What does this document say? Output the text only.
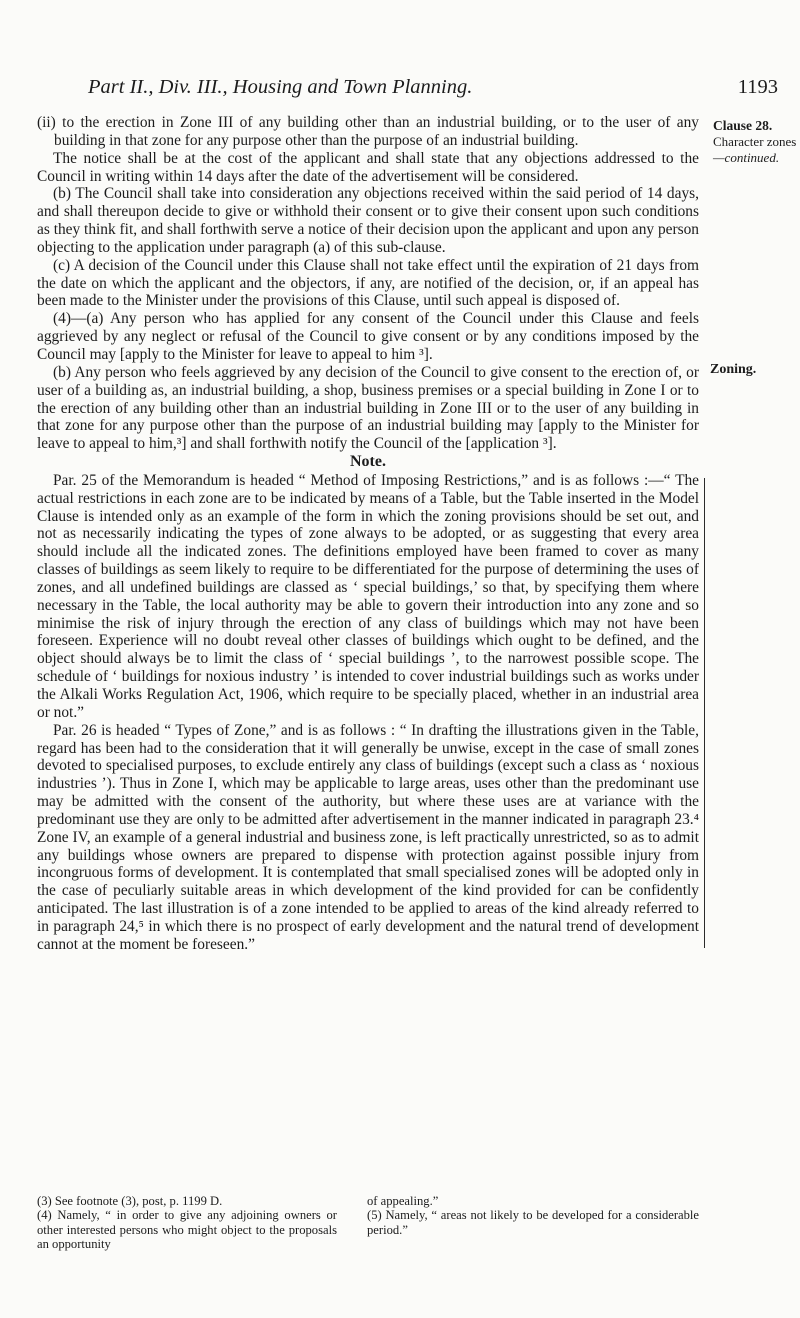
Part II., Div. III., Housing and Town Planning.	1193
Clause 28.
Character zones
—continued.
Zoning.

(ii) to the erection in Zone III of any building other than an industrial building, or to the user of any building in that zone for any purpose other than the purpose of an industrial building.

The notice shall be at the cost of the applicant and shall state that any objections addressed to the Council in writing within 14 days after the date of the advertisement will be considered.

(b) The Council shall take into consideration any objections received within the said period of 14 days, and shall thereupon decide to give or withhold their consent or to give their consent upon such conditions as they think fit, and shall forthwith serve a notice of their decision upon the applicant and upon any person objecting to the application under paragraph (a) of this sub-clause.

(c) A decision of the Council under this Clause shall not take effect until the expiration of 21 days from the date on which the applicant and the objectors, if any, are notified of the decision, or, if an appeal has been made to the Minister under the provisions of this Clause, until such appeal is disposed of.

(4)—(a) Any person who has applied for any consent of the Council under this Clause and feels aggrieved by any neglect or refusal of the Council to give consent or by any conditions imposed by the Council may [apply to the Minister for leave to appeal to him ³].

(b) Any person who feels aggrieved by any decision of the Council to give consent to the erection of, or user of a building as, an industrial building, a shop, business premises or a special building in Zone I or to the erection of any building other than an industrial building in Zone III or to the user of any building in that zone for any purpose other than the purpose of an industrial building may [apply to the Minister for leave to appeal to him,³] and shall forthwith notify the Council of the [application ³].

Note.

Par. 25 of the Memorandum is headed “ Method of Imposing Restrictions,” and is as follows :—“ The actual restrictions in each zone are to be indicated by means of a Table, but the Table inserted in the Model Clause is intended only as an example of the form in which the zoning provisions should be set out, and not as necessarily indicating the types of zone always to be adopted, or as suggesting that every area should include all the indicated zones. The definitions employed have been framed to cover as many classes of buildings as seem likely to require to be differentiated for the purpose of determining the uses of zones, and all undefined buildings are classed as ‘ special buildings,’ so that, by specifying them where necessary in the Table, the local authority may be able to govern their introduction into any zone and so minimise the risk of injury through the erection of any class of buildings which may not have been foreseen. Experience will no doubt reveal other classes of buildings which ought to be defined, and the object should always be to limit the class of ‘ special buildings ’, to the narrowest possible scope. The schedule of ‘ buildings for noxious industry ’ is intended to cover industrial buildings such as works under the Alkali Works Regulation Act, 1906, which require to be specially placed, whether in an industrial area or not.”

Par. 26 is headed “ Types of Zone,” and is as follows : “ In drafting the illustrations given in the Table, regard has been had to the consideration that it will generally be unwise, except in the case of small zones devoted to specialised purposes, to exclude entirely any class of buildings (except such a class as ‘ noxious industries ’). Thus in Zone I, which may be applicable to large areas, uses other than the predominant use may be admitted with the consent of the authority, but where these uses are at variance with the predominant use they are only to be admitted after advertisement in the manner indicated in paragraph 23.⁴ Zone IV, an example of a general industrial and business zone, is left practically unrestricted, so as to admit any buildings whose owners are prepared to dispense with protection against possible injury from incongruous forms of development. It is contemplated that small specialised zones will be adopted only in the case of peculiarly suitable areas in which development of the kind provided for can be confidently anticipated. The last illustration is of a zone intended to be applied to areas of the kind already referred to in paragraph 24,⁵ in which there is no prospect of early development and the natural trend of development cannot at the moment be foreseen.”

(3) See footnote (3), post, p. 1199 D.

(4) Namely, “ in order to give any adjoining owners or other interested persons who might object to the proposals an opportunity

of appealing.”

(5) Namely, “ areas not likely to be developed for a considerable period.”
